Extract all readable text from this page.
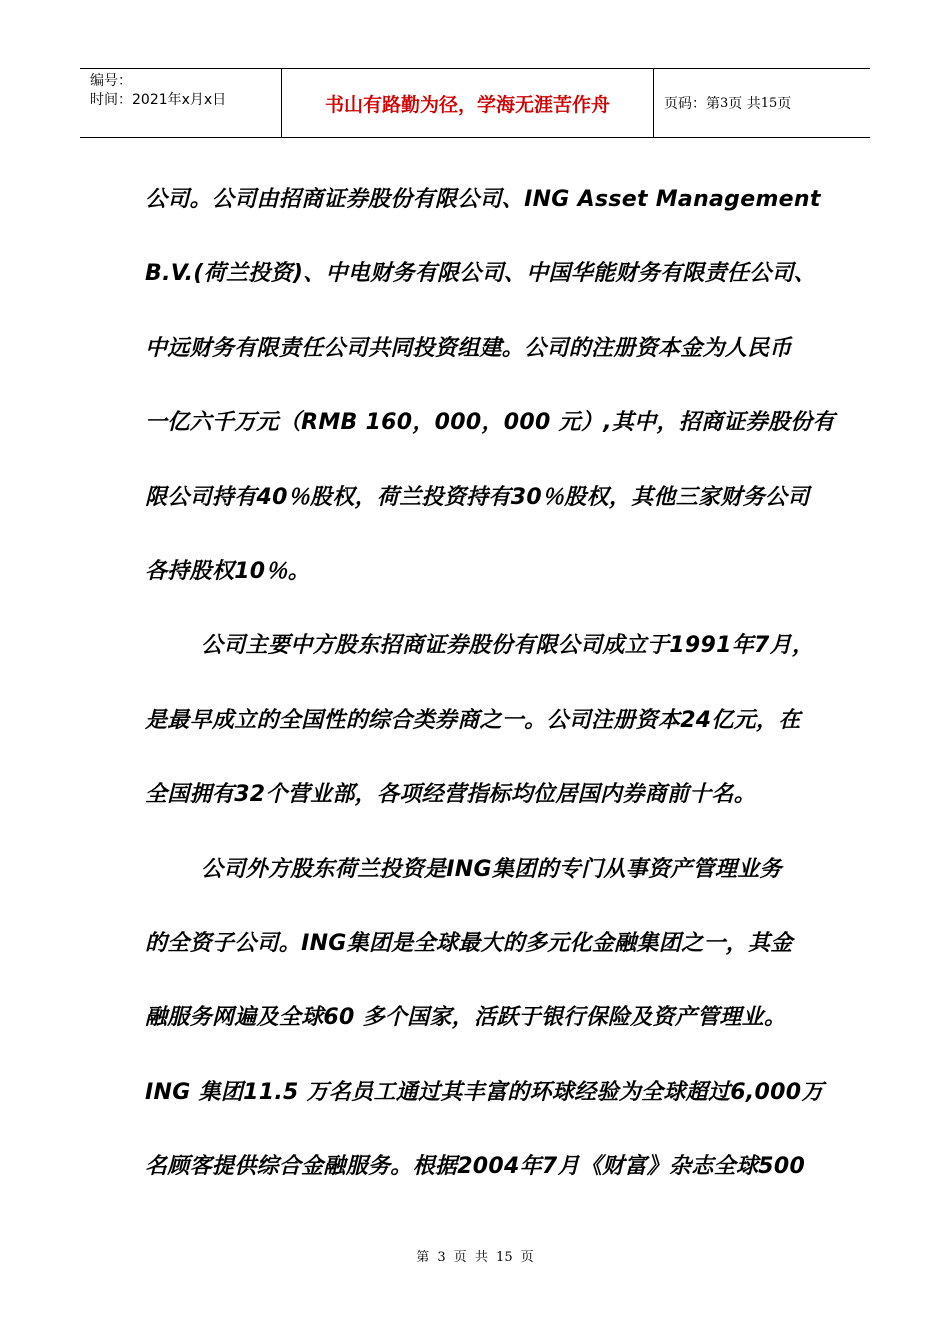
编号：
时间：2021年x月x日	书山有路勤为径，学海无涯苦作舟	页码：第 3 页 共 15 页

公司。公司由招商证券股份有限公司、ING Asset Management

B.V.(荷兰投资)、中电财务有限公司、中国华能财务有限责任公司、

中远财务有限责任公司共同投资组建。公司的注册资本金为人民币

一亿六千万元（RMB 160，000，000 元）,其中，招商证券股份有

限公司持有40％股权，荷兰投资持有30％股权，其他三家财务公司

各持股权10％。

公司主要中方股东招商证券股份有限公司成立于1991年7月，

是最早成立的全国性的综合类券商之一。公司注册资本24亿元，在

全国拥有32个营业部，各项经营指标均位居国内券商前十名。

公司外方股东荷兰投资是ING集团的专门从事资产管理业务

的全资子公司。ING集团是全球最大的多元化金融集团之一，其金

融服务网遍及全球60 多个国家，活跃于银行保险及资产管理业。

ING 集团11.5 万名员工通过其丰富的环球经验为全球超过6,000万

名顾客提供综合金融服务。根据2004年7月《财富》杂志全球500

第 3 页 共 15 页
